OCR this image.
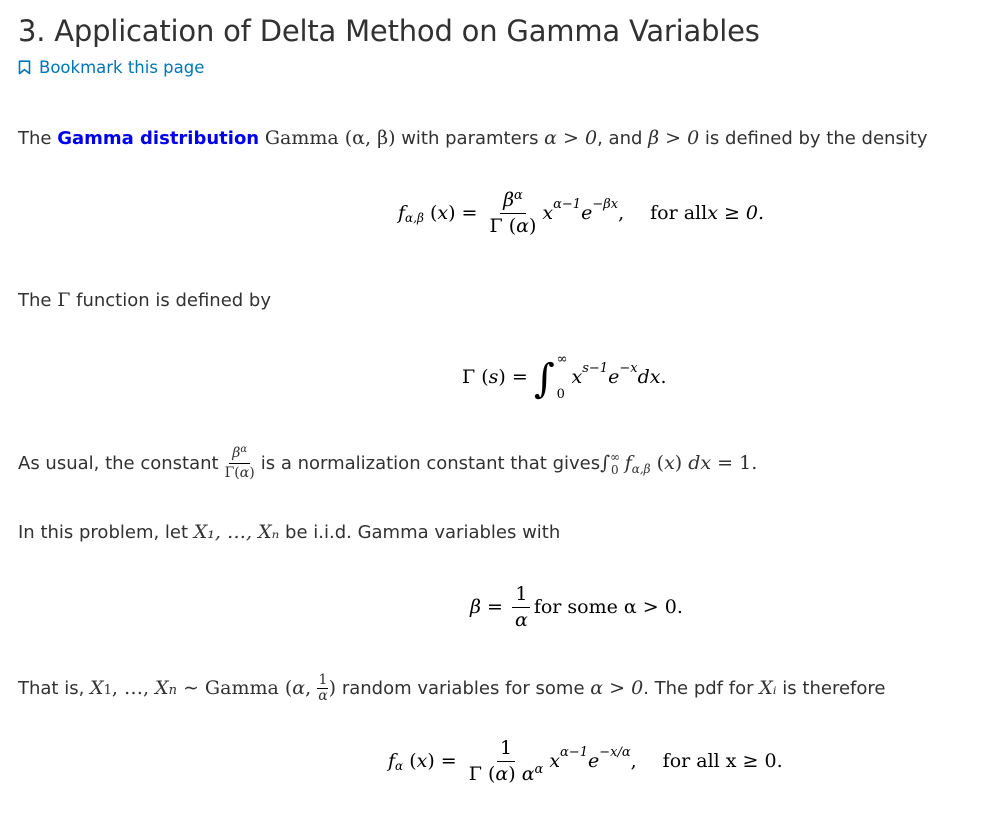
3. Application of Delta Method on Gamma Variables
Bookmark this page
The Gamma distribution Gamma (α, β) with paramters α > 0, and β > 0 is defined by the density
f α,β $(x) = \frac{\beta^\alpha}{\Gamma (\alpha)}$ x α−1 e −βx , for all x ≥ 0.
The Γ function is defined by
Γ (s) = ∫ ∞
0
x s−1 e −x dx .
As usual, the constant $\frac{\beta^\alpha}{\Gamma(\alpha)}$ is a normalization constant that gives $\int^\infty_0$ $f_{\alpha,\beta}$ (x) dx = 1.
In this problem, let X₁, …, Xₙ be i.i.d. Gamma variables with
$\beta = \frac{1}{\alpha}$ for some α > 0.
That is, X1, …, Xn ∼ Gamma (α, $\frac{1}{\alpha}$ ) random variables for some α > 0. The pdf for Xᵢ is therefore
f α $(x) = \frac{1}{\Gamma (\alpha) \alpha^\alpha}$ x α−1 e −x/α , for all x ≥ 0.
